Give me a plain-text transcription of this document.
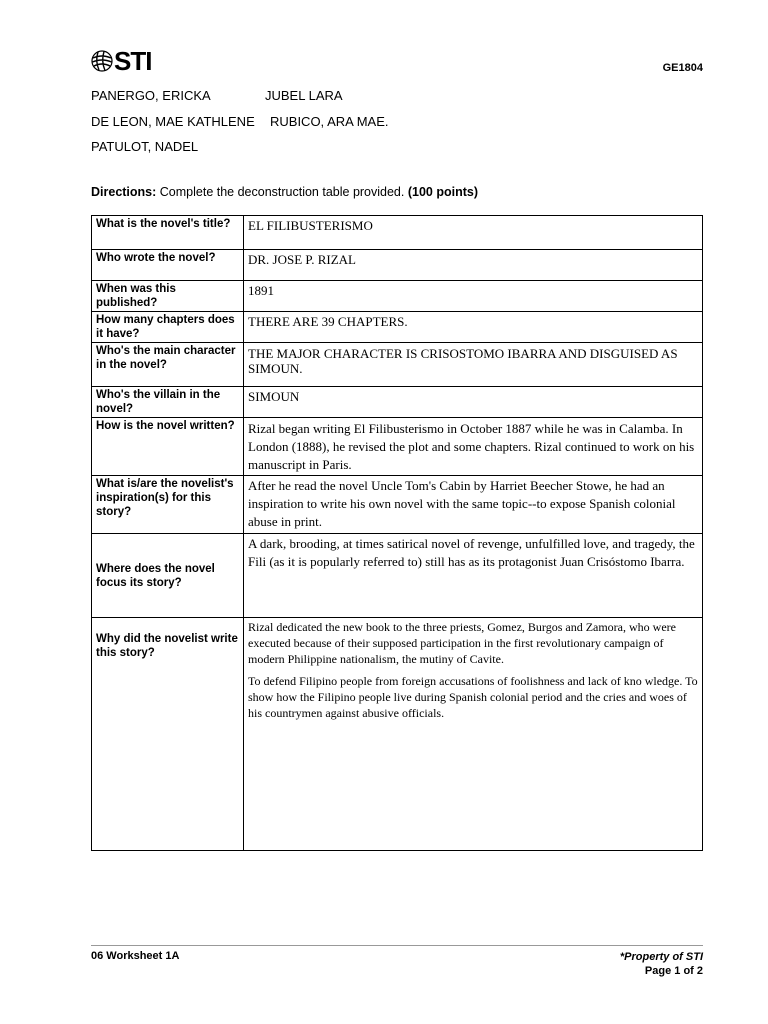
STI	GE1804
PANERGO, ERICKA	JUBEL LARA
DE LEON, MAE KATHLENE RUBICO, ARA MAE.
PATULOT, NADEL
Directions: Complete the deconstruction table provided. (100 points)
What is the novel's title?	EL FILIBUSTERISMO
Who wrote the novel?	DR. JOSE P. RIZAL
When was this published?	1891
How many chapters does it have?	THERE ARE 39 CHAPTERS.
Who's the main character in the novel?	THE MAJOR CHARACTER IS CRISOSTOMO IBARRA AND DISGUISED AS SIMOUN.
Who's the villain in the novel?	SIMOUN
How is the novel written?	Rizal began writing El Filibusterismo in October 1887 while he was in Calamba. In London (1888), he revised the plot and some chapters. Rizal continued to work on his manuscript in Paris.
What is/are the novelist's inspiration(s) for this story?	After he read the novel Uncle Tom's Cabin by Harriet Beecher Stowe, he had an inspiration to write his own novel with the same topic--to expose Spanish colonial abuse in print.
Where does the novel focus its story?	A dark, brooding, at times satirical novel of revenge, unfulfilled love, and tragedy, the Fili (as it is popularly referred to) still has as its protagonist Juan Crisóstomo Ibarra.
Why did the novelist write this story?	Rizal dedicated the new book to the three priests, Gomez, Burgos and Zamora, who were executed because of their supposed participation in the first revolutionary campaign of modern Philippine nationalism, the mutiny of Cavite.

To defend Filipino people from foreign accusations of foolishness and lack of kno wledge. To show how the Filipino people live during Spanish colonial period and the cries and woes of his countrymen against abusive officials.

06 Worksheet 1A	*Property of STI
Page 1 of 2
